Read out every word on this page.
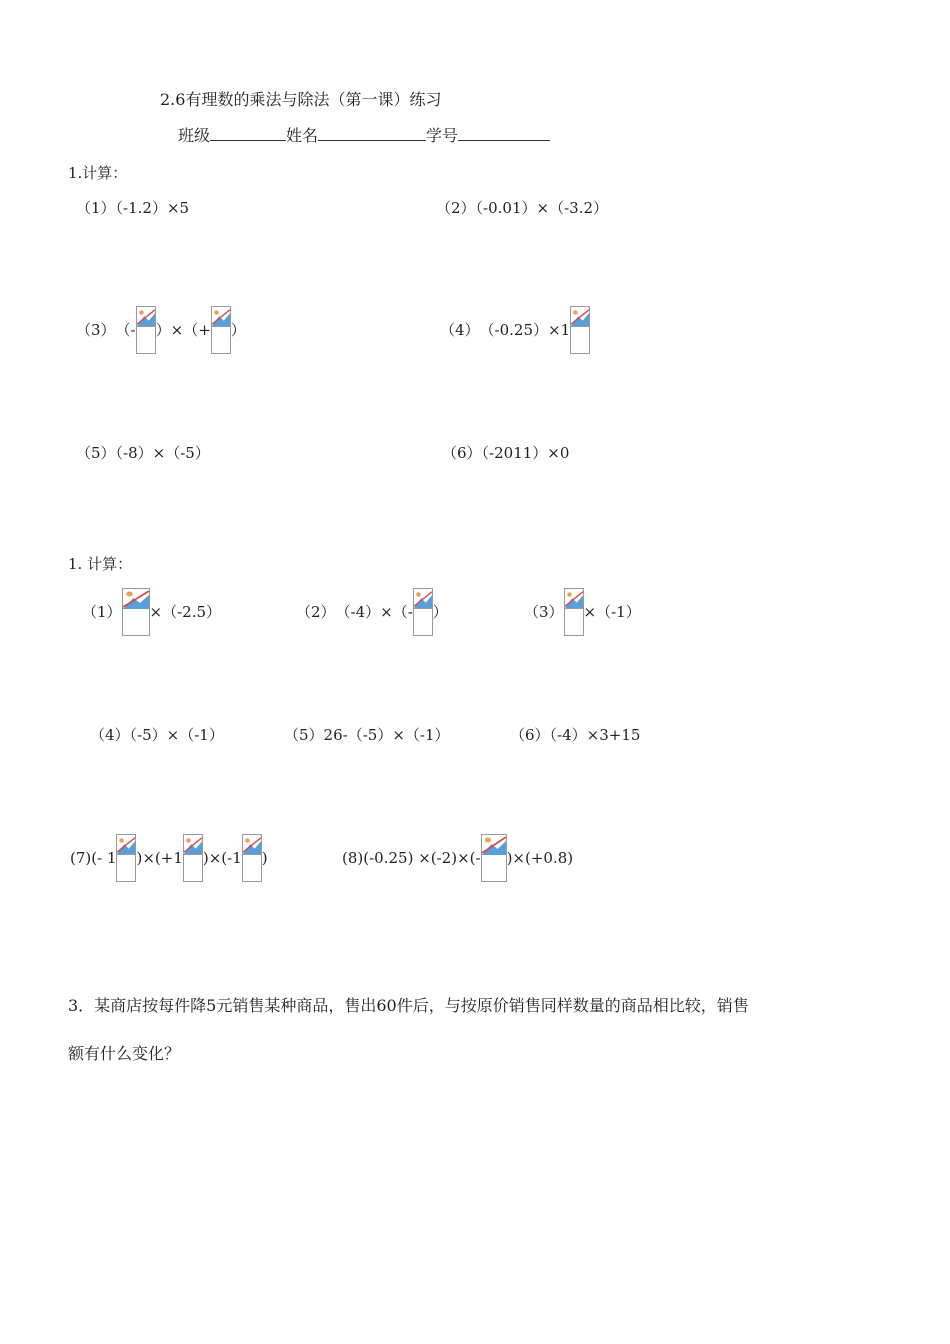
2.6有理数的乘法与除法（第一课）练习
班级	姓名	学号
1.计算：
（1）（-1.2）×5	（2）（-0.01）×（-3.2）
（3） （- ）×（+ ）	（4） （-0.25）×1
（5）（-8）×（-5）	（6）（-2011）×0
1. 计算：
（1） ×（-2.5）	（2） （-4）×（- ）	（3） ×（-1）
（4）（-5）×（-1）	（5）26-（-5）×（-1）	（6）（-4）×3+15
(7) (- 1 )×(+1 )×(-1 )	(8) (-0.25) ×(-2)×(- )×(+0.8)
3．某商店按每件降5元销售某种商品，售出60件后，与按原价销售同样数量的商品相比较，销售
额有什么变化？
